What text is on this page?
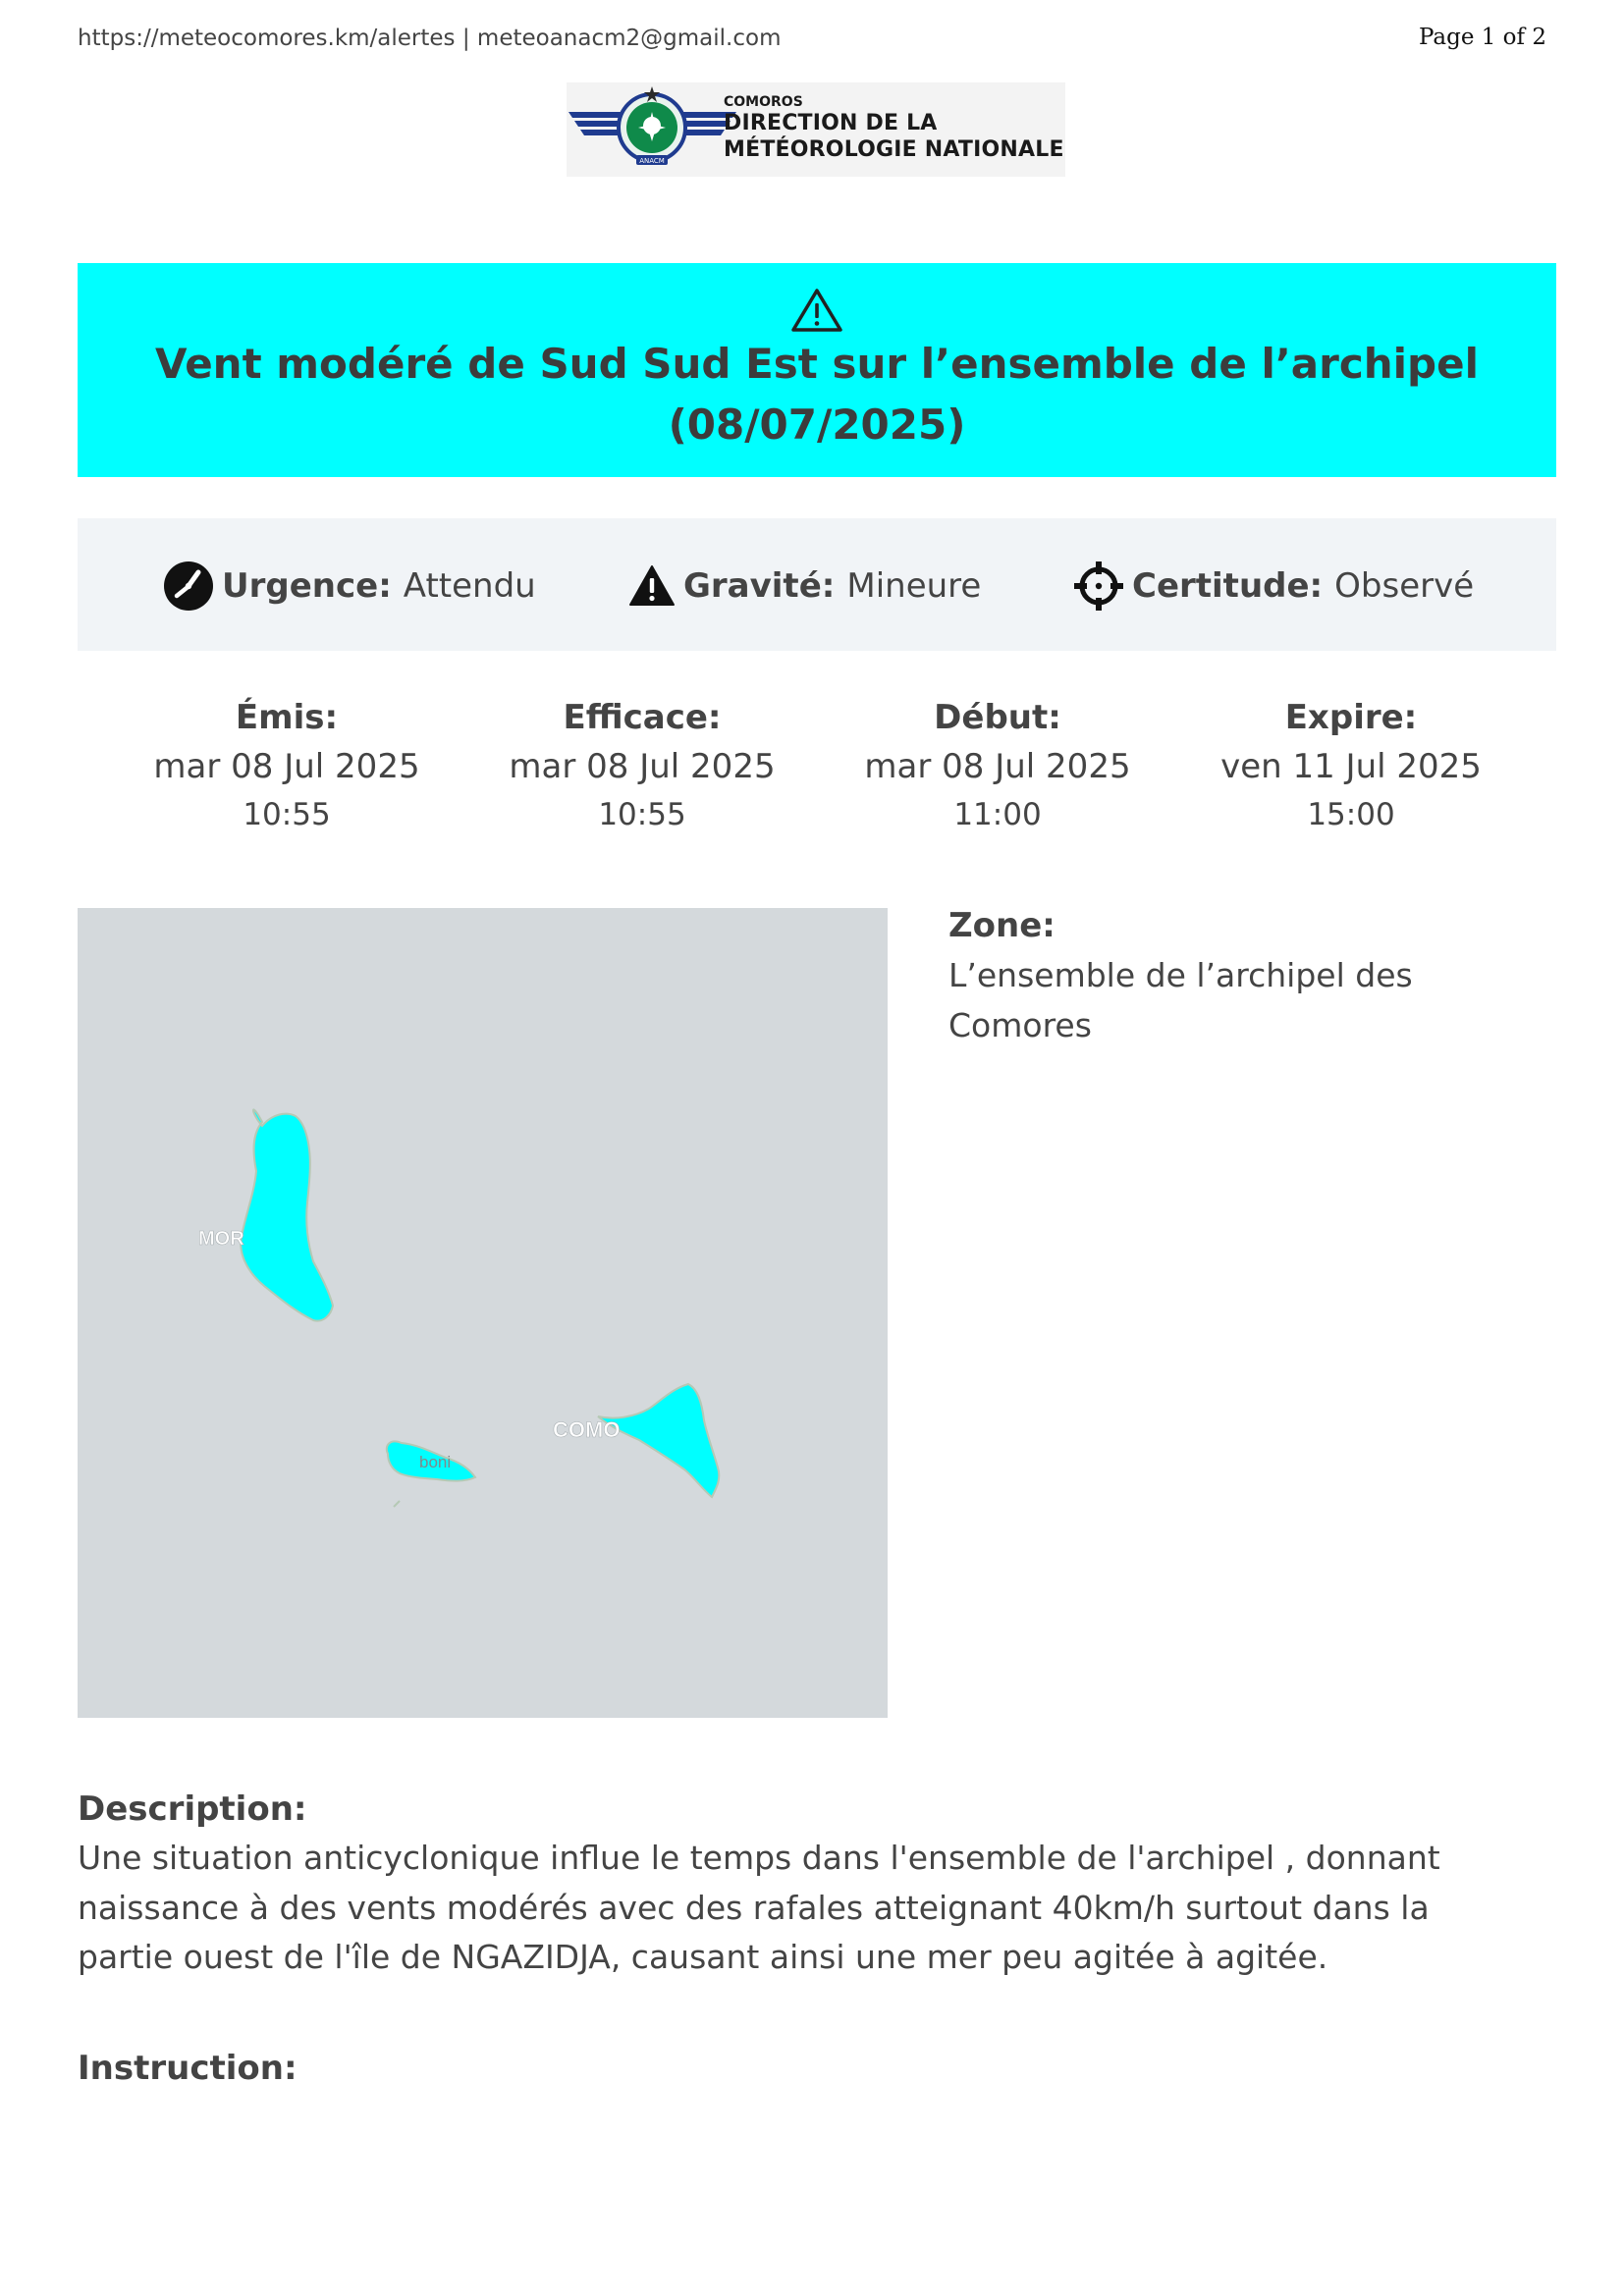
https://meteocomores.km/alertes | meteoanacm2@gmail.com	Page 1 of 2
ANACM
COMOROS
DIRECTION DE LA
MÉTÉOROLOGIE NATIONALE
Vent modéré de Sud Sud Est sur l’ensemble de l’archipel (08/07/2025)
Urgence: Attendu	Gravité: Mineure	Certitude: Observé
Émis:
mar 08 Jul 2025
10:55
Efficace:
mar 08 Jul 2025
10:55
Début:
mar 08 Jul 2025
11:00
Expire:
ven 11 Jul 2025
15:00
MOR
COMO
boni
Zone:
L’ensemble de l’archipel des Comores
Description:
Une situation anticyclonique influe le temps dans l'ensemble de l'archipel , donnant naissance à des vents modérés avec des rafales atteignant 40km/h surtout dans la partie ouest de l'île de NGAZIDJA, causant ainsi une mer peu agitée à agitée.
Instruction:
